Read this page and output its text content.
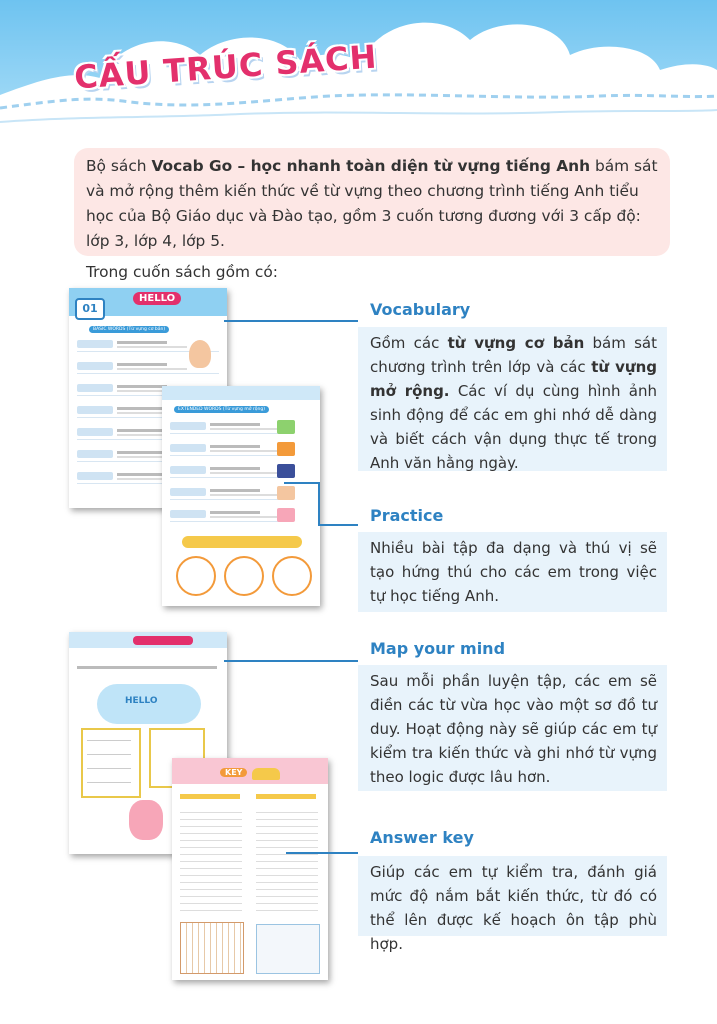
CẤU TRÚC SÁCH

Bộ sách Vocab Go – học nhanh toàn diện từ vựng tiếng Anh bám sát và mở rộng thêm kiến thức về từ vựng theo chương trình tiếng Anh tiểu học của Bộ Giáo dục và Đào tạo, gồm 3 cuốn tương đương với 3 cấp độ: lớp 3, lớp 4, lớp 5.

Trong cuốn sách gồm có:

01
HELLO
BASIC WORDS (Từ vựng cơ bản)
EXTENDED WORDS (Từ vựng mở rộng)
Vocabulary
Gồm các từ vựng cơ bản bám sát chương trình trên lớp và các từ vựng mở rộng. Các ví dụ cùng hình ảnh sinh động để các em ghi nhớ dễ dàng và biết cách vận dụng thực tế trong Anh văn hằng ngày.
Practice
Nhiều bài tập đa dạng và thú vị sẽ tạo hứng thú cho các em trong việc tự học tiếng Anh.
HELLO
KEY
Map your mind
Sau mỗi phần luyện tập, các em sẽ điền các từ vừa học vào một sơ đồ tư duy. Hoạt động này sẽ giúp các em tự kiểm tra kiến thức và ghi nhớ từ vựng theo logic được lâu hơn.
Answer key
Giúp các em tự kiểm tra, đánh giá mức độ nắm bắt kiến thức, từ đó có thể lên được kế hoạch ôn tập phù hợp.
